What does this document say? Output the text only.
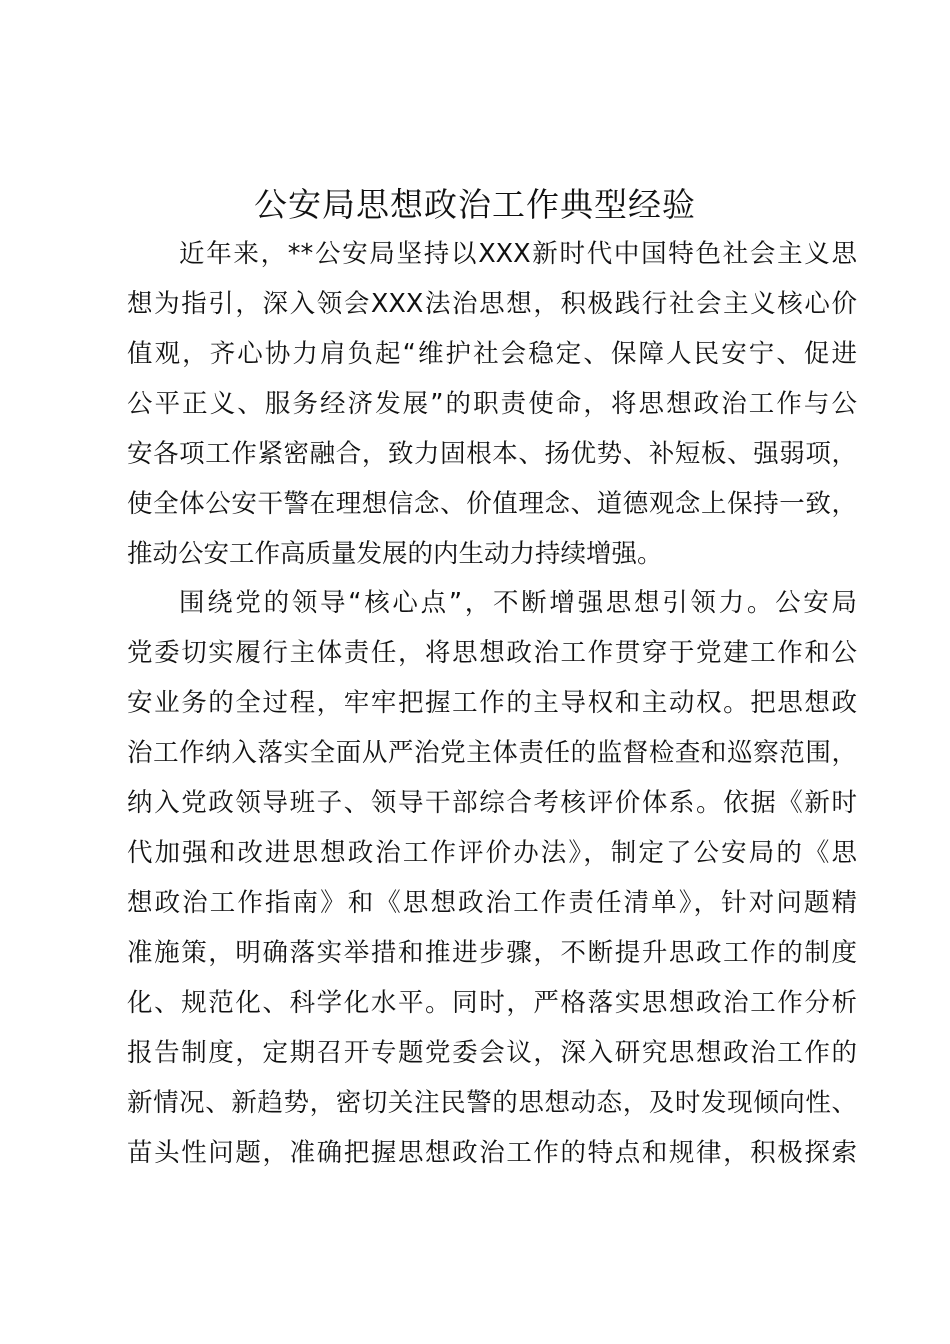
公安局思想政治工作典型经验
近年来，**公安局坚持以XXX新时代中国特色社会主义思
想为指引，深入领会XXX法治思想，积极践行社会主义核心价
值观，齐心协力肩负起“维护社会稳定、保障人民安宁、促进
公平正义、服务经济发展”的职责使命，将思想政治工作与公
安各项工作紧密融合，致力固根本、扬优势、补短板、强弱项，
使全体公安干警在理想信念、价值理念、道德观念上保持一致，
推动公安工作高质量发展的内生动力持续增强。
围绕党的领导“核心点”，不断增强思想引领力。公安局
党委切实履行主体责任，将思想政治工作贯穿于党建工作和公
安业务的全过程，牢牢把握工作的主导权和主动权。把思想政
治工作纳入落实全面从严治党主体责任的监督检查和巡察范围，
纳入党政领导班子、领导干部综合考核评价体系。依据《新时
代加强和改进思想政治工作评价办法》，制定了公安局的《思
想政治工作指南》和《思想政治工作责任清单》，针对问题精
准施策，明确落实举措和推进步骤，不断提升思政工作的制度
化、规范化、科学化水平。同时，严格落实思想政治工作分析
报告制度，定期召开专题党委会议，深入研究思想政治工作的
新情况、新趋势，密切关注民警的思想动态，及时发现倾向性、
苗头性问题，准确把握思想政治工作的特点和规律，积极探索
